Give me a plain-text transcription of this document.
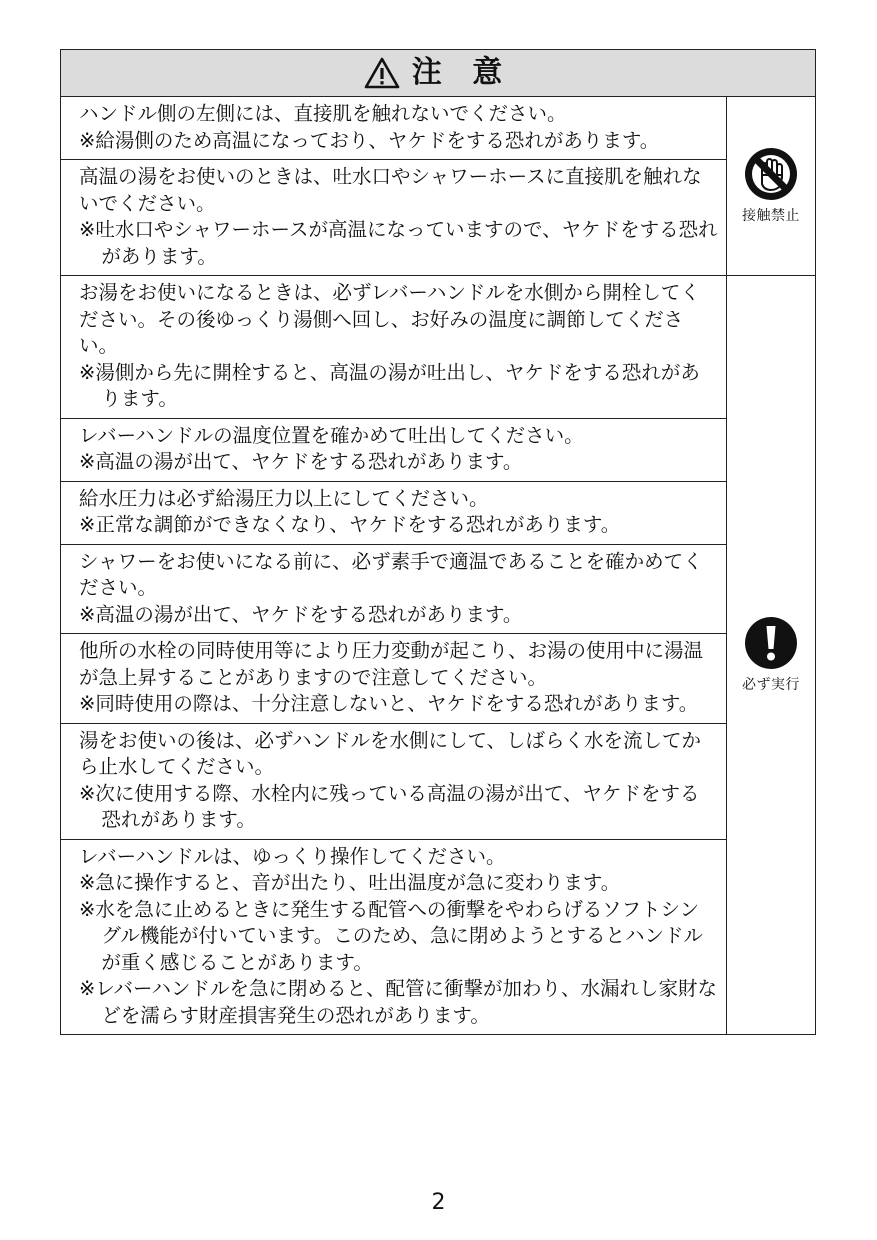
注 意

ハンドル側の左側には、直接肌を触れないでください。

※給湯側のため高温になっており、ヤケドをする恐れがあります。

高温の湯をお使いのときは、吐水口やシャワーホースに直接肌を触れないでください。

※吐水口やシャワーホースが高温になっていますので、ヤケドをする恐れがあります。

接触禁止

お湯をお使いになるときは、必ずレバーハンドルを水側から開栓してください。その後ゆっくり湯側へ回し、お好みの温度に調節してください。

※湯側から先に開栓すると、高温の湯が吐出し、ヤケドをする恐れがあります。

レバーハンドルの温度位置を確かめて吐出してください。

※高温の湯が出て、ヤケドをする恐れがあります。

給水圧力は必ず給湯圧力以上にしてください。

※正常な調節ができなくなり、ヤケドをする恐れがあります。

シャワーをお使いになる前に、必ず素手で適温であることを確かめてください。

※高温の湯が出て、ヤケドをする恐れがあります。

他所の水栓の同時使用等により圧力変動が起こり、お湯の使用中に湯温が急上昇することがありますので注意してください。

※同時使用の際は、十分注意しないと、ヤケドをする恐れがあります。

湯をお使いの後は、必ずハンドルを水側にして、しばらく水を流してから止水してください。

※次に使用する際、水栓内に残っている高温の湯が出て、ヤケドをする恐れがあります。

レバーハンドルは、ゆっくり操作してください。

※急に操作すると、音が出たり、吐出温度が急に変わります。

※水を急に止めるときに発生する配管への衝撃をやわらげるソフトシングル機能が付いています。このため、急に閉めようとするとハンドルが重く感じることがあります。

※レバーハンドルを急に閉めると、配管に衝撃が加わり、水漏れし家財などを濡らす財産損害発生の恐れがあります。

必ず実行
2
